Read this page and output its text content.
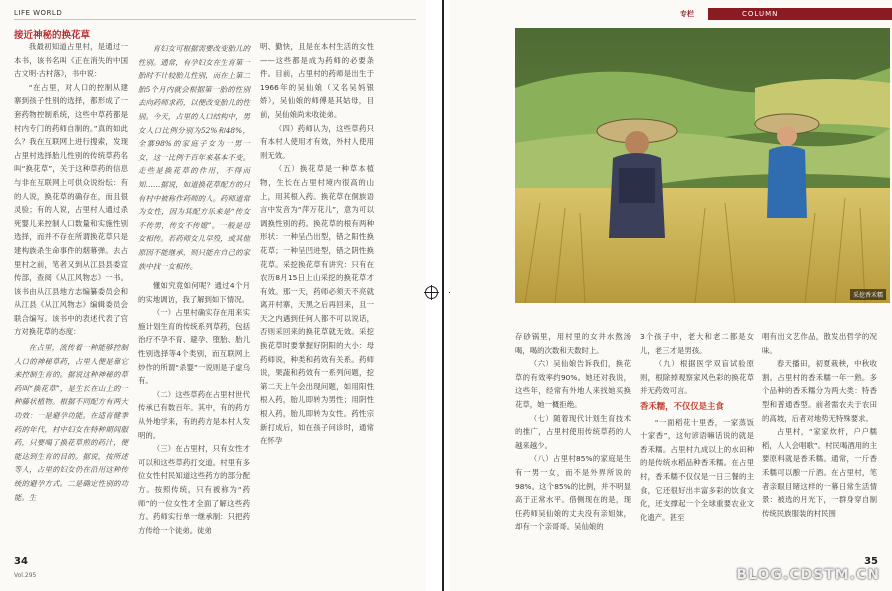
LIFE WORLD
接近神秘的换花草

我最初知道占里村，是通过一本书，该书名叫《正在消失的中国古文明·古村落》，书中说：

“在占里，对人口的控制从建寨到孩子性别的选择，都形成了一套药物控制系统，这些中草药都是村内专门的药师自制的。”真的如此么？我在互联网上进行搜索，发现占里村选择胎儿性别的传统草药名叫“换花草”，关于这种草药的信息与非在互联网上可供众说纷纭：有的人说，换花草的确存在，而且很灵验；有的人说，占里村人通过杀死婴儿来控制人口数量和实施性别选择，而并不存在所谓换花草只是建构族杀生命事件的烟幕弹。去占里村之前，笔者又到从江县县委宣传部，查阅《从江风物志》一书。该书由从江县地方志编纂委员会和从江县《从江风物志》编辑委员会联合编写。该书中的表述代表了官方对换花草的态度：

在占里，流传着一种能够控制人口的神秘草药，占里人便是靠它来控制生育的。据说这种神秘的草药叫“换花草”，是生长在山上的一种藤状植物。根据不同配方有两大功效：一是避孕功能。在适育健季药的年代，村中妇女在特种期间服药，只要喝了换花草煎的药汁，便能达到生育的目的。据说，按所述等人，占里的妇女仍在沿用这种传统的避孕方式。二是确定性别的功能。生

育妇女可根据需要改变胎儿的性别。通常，有孕妇女在生育第一胎时不计较胎儿性别，而在上第二胎5个月内就会根据第一胎的性别去向药师求药，以便改变胎儿的性别。今天，占里的人口结构中，男女人口比例分别为52%和48%，全寨98%的家庭子女为一男一女，这一比例千百年来基本不变。走些是换花草的作用，不得而知……据说，如道换花草配方的只有村中被称作药师的人。药师道常为女性，因为其配方乐来是“传女不传男，传女不传媳”。一般是母女相传。若药师女儿早殁，或其他原因不能继承，则只能在自己的家族中找一女相传。

懂如究竟如何呢？通过4个月的实地调访，我了解到如下情况。

（一）占里村确实存在用来实施计划生育的传统系列草药，包括治疗不孕不育、避孕、堕胎、胎儿性别选择等4个类别，而互联网上炒作的所谓“杀婴”一说则是子虚乌有。

（二）这些草药在占里村世代传承已有数百年。其中，有的药方从外地学来，有的药方是本村人发明的。

（三）在占里村，只有女性才可以和这些草药打交道。村里有多位女性村民知道这些药方的部分配方。按照传统，只有被称为“药师”的一位女性才全面了解这些药方。药师实行单一继承制：只把药方传给一个徒弟。徒弟

明、勤快，且是在本村生活的女性——这些都是成为药师的必要条件。目前，占里村的药师是出生于1966年的吴仙娘（又名吴妈银娇），吴仙娘的师傅是其姑母，目前，吴仙娘尚未收徒弟。

（四）药师认为，这些草药只有本村人使用才有效，外村人使用则无效。

（五）换花草是一种草本植物，生长在占里村境内很高的山上，用其根入药。换花草在侗族语言中发音为“萍万花儿”，意为可以调换性别的药。换花草的根有两种形状：一种呈凸出型，错之阳性换花草；一种呈凹进型，错之阴性换花草。采挖换花草有讲究：只有在农历8月15日上山采挖的换花草才有效。那一天，药师必须天不亮就离开村寨，天黑之后再回来，且一天之内遇到任何人都不可以说话，否则采回来的换花草就无效。采挖换花草时要掌握好阴阳的大小：母药师说，种类和药效有关系。药师说，果蔬和药效有一系列问题，挖第二天上午会出现问题，如用阳性根入药，胎儿即转为男性；用阴性根入药，胎儿即转为女性。药性宗新打成后，如在孩子问诊时，通常在怀孕

34
Vol.295
专栏	COLUMN
采挖香禾糯

存砂锅里，用村里的女井水熬汤喝，喝的次数和天数时上。

（六）吴仙娘告诉我们，换花草的有效率约90%。她还对我说，这些年，经常有外地人来找她买换花草，她一概拒绝。

（七）随着现代计划生育技术的推广，占里村使用传统草药的人越来越少。

（八）占里村85%的家庭是生有一男一女，而不是外界所说的98%。这个85%的比例，并不明显高于正常水平。借侧现在的是，现任药师吴仙娘的丈夫没有亲姐妹，却有一个亲哥哥。吴仙娘的

3个孩子中，老大和老二都是女儿，老三才是男孩。

（九）根据医学双盲试验原则，根除掉观察家风色彩的换花草并无药效可言。

香禾糯，不仅仅是主食

“一面稻花十里香，一家蒸饭十家香”，这句谚语嘛话说的就是香禾糯。占里村九成以上的水田种的是传统水稻品种香禾糯。在占里村，香禾糯不仅仅是一日三餐的主食，它还很好出丰富多彩的饮食文化，还支撑起一个全球重要农业文化遗产。甚至

唱有出文艺作品，散发出哲学的况味。

春天播田，初夏栽秧，中秋收割。占里村的香禾糯一年一熟。多个品种的香禾糯分为两大类：特香型和普通香型。前者需农夫于农田的高坡，后者对地势无特殊要求。

占里村，“家家炊杆，户户糯稻，人人会唱歌”。村民喝酒用的主要原料就是香禾糯。通常，一斤香禾糯可以酿一斤酒。在占里村，笔者亲眼目睹这样的一幕日常生活情景：被选的月光下，一群身穿自制传统民族服装的村民围

35
BLOG.CDSTM.CN
